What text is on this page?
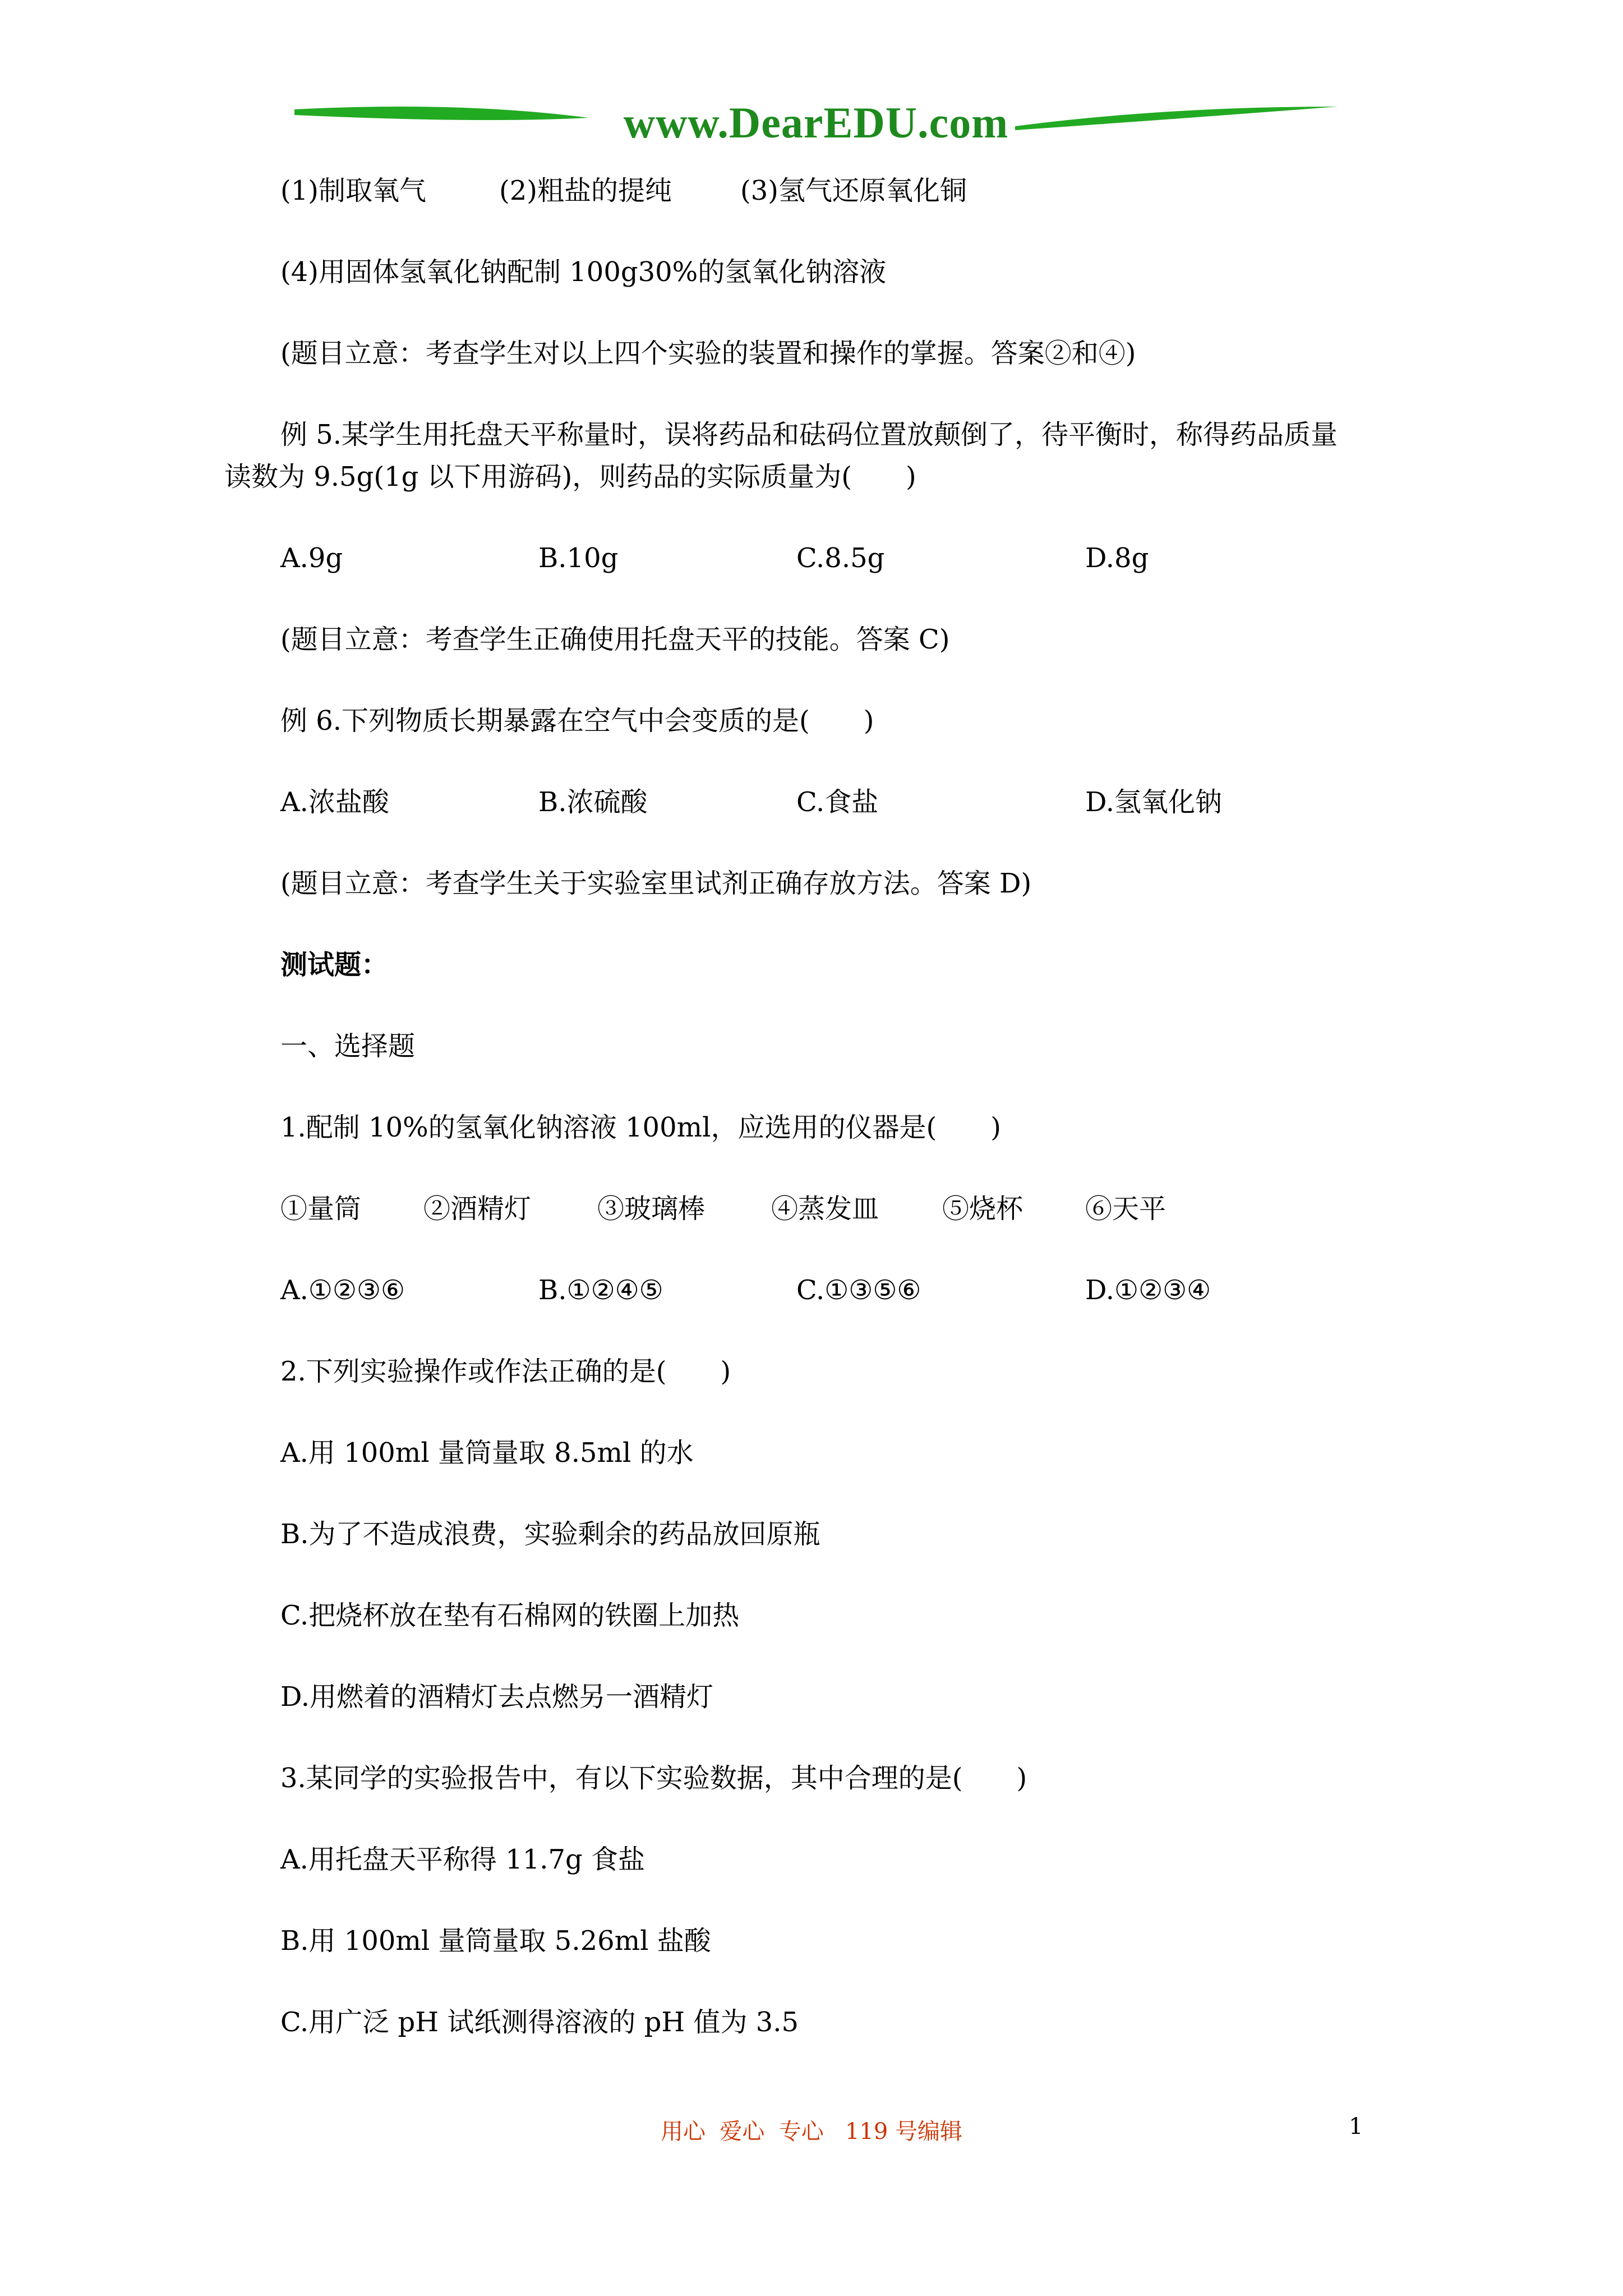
www.DearEDU.com
(1)制取氧气	(2)粗盐的提纯	(3)氢气还原氧化铜
(4)用固体氢氧化钠配制 100g30%的氢氧化钠溶液
(题目立意：考查学生对以上四个实验的装置和操作的掌握。答案②和④)
例 5.某学生用托盘天平称量时，误将药品和砝码位置放颠倒了，待平衡时，称得药品质量
读数为 9.5g(1g 以下用游码)，则药品的实际质量为(　　)
A.9g	B.10g	C.8.5g	D.8g
(题目立意：考查学生正确使用托盘天平的技能。答案 C)
例 6.下列物质长期暴露在空气中会变质的是(　　)
A.浓盐酸	B.浓硫酸	C.食盐	D.氢氧化钠
(题目立意：考查学生关于实验室里试剂正确存放方法。答案 D)
测试题：
一、选择题
1.配制 10%的氢氧化钠溶液 100ml，应选用的仪器是(　　)
①量筒 ②酒精灯 ③玻璃棒 ④蒸发皿 ⑤烧杯 ⑥天平
A.①②③⑥	B.①②④⑤	C.①③⑤⑥	D.①②③④
2.下列实验操作或作法正确的是(　　)
A.用 100ml 量筒量取 8.5ml 的水
B.为了不造成浪费，实验剩余的药品放回原瓶
C.把烧杯放在垫有石棉网的铁圈上加热
D.用燃着的酒精灯去点燃另一酒精灯
3.某同学的实验报告中，有以下实验数据，其中合理的是(　　)
A.用托盘天平称得 11.7g 食盐
B.用 100ml 量筒量取 5.26ml 盐酸
C.用广泛 pH 试纸测得溶液的 pH 值为 3.5
用心  爱心  专心   119 号编辑	1
